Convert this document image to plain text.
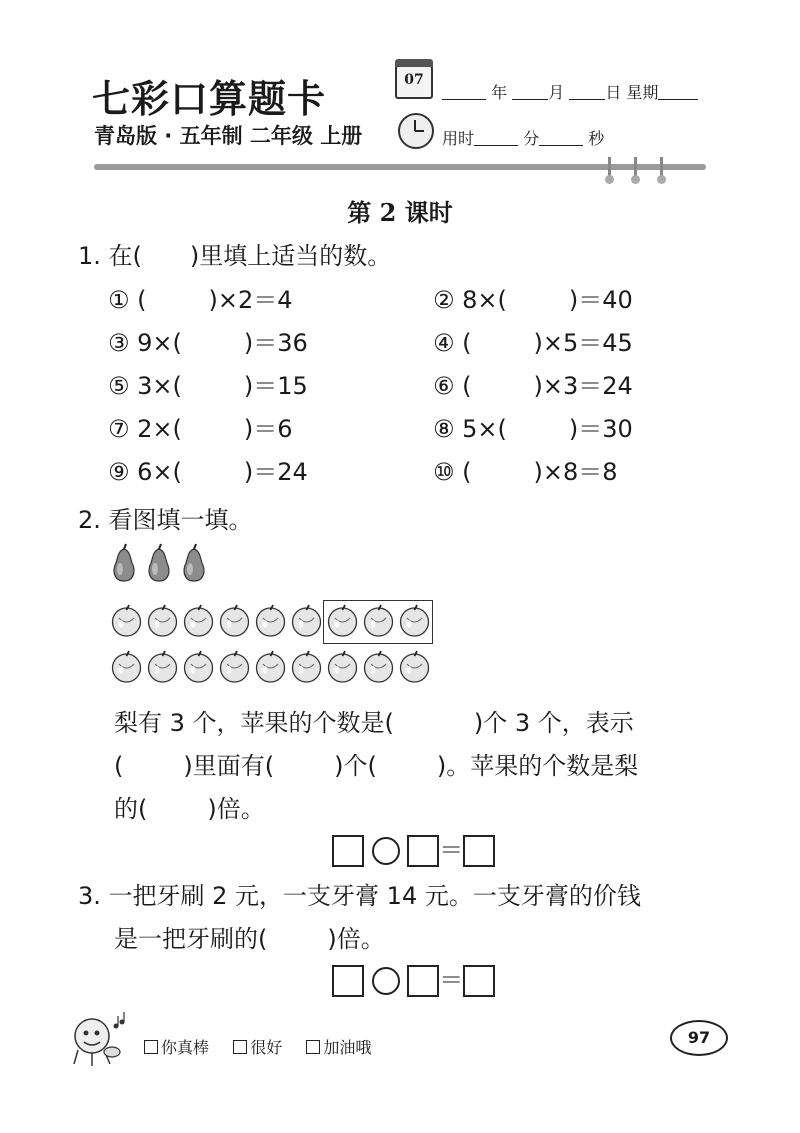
七彩口算题卡
青岛版 · 五年制 二年级 上册
07
年	月	日 星期
用时	分	秒
第 2 课时
1. 在(　　)里填上适当的数。
① (	)×2＝4	② 8×(	)＝40
③ 9×(	)＝36	④ (	)×5＝45
⑤ 3×(	)＝15	⑥ (	)×3＝24
⑦ 2×(	)＝6	⑧ 5×(	)＝30
⑨ 6×(	)＝24	⑩ (	)×8＝8
2. 看图填一填。
梨有 3 个，苹果的个数是(	)个 3 个，表示
(	)里面有(	)个(	)。苹果的个数是梨
的(	)倍。
＝
3. 一把牙刷 2 元，一支牙膏 14 元。一支牙膏的价钱
是一把牙刷的(	)倍。
＝
你真棒	很好	加油哦
97
